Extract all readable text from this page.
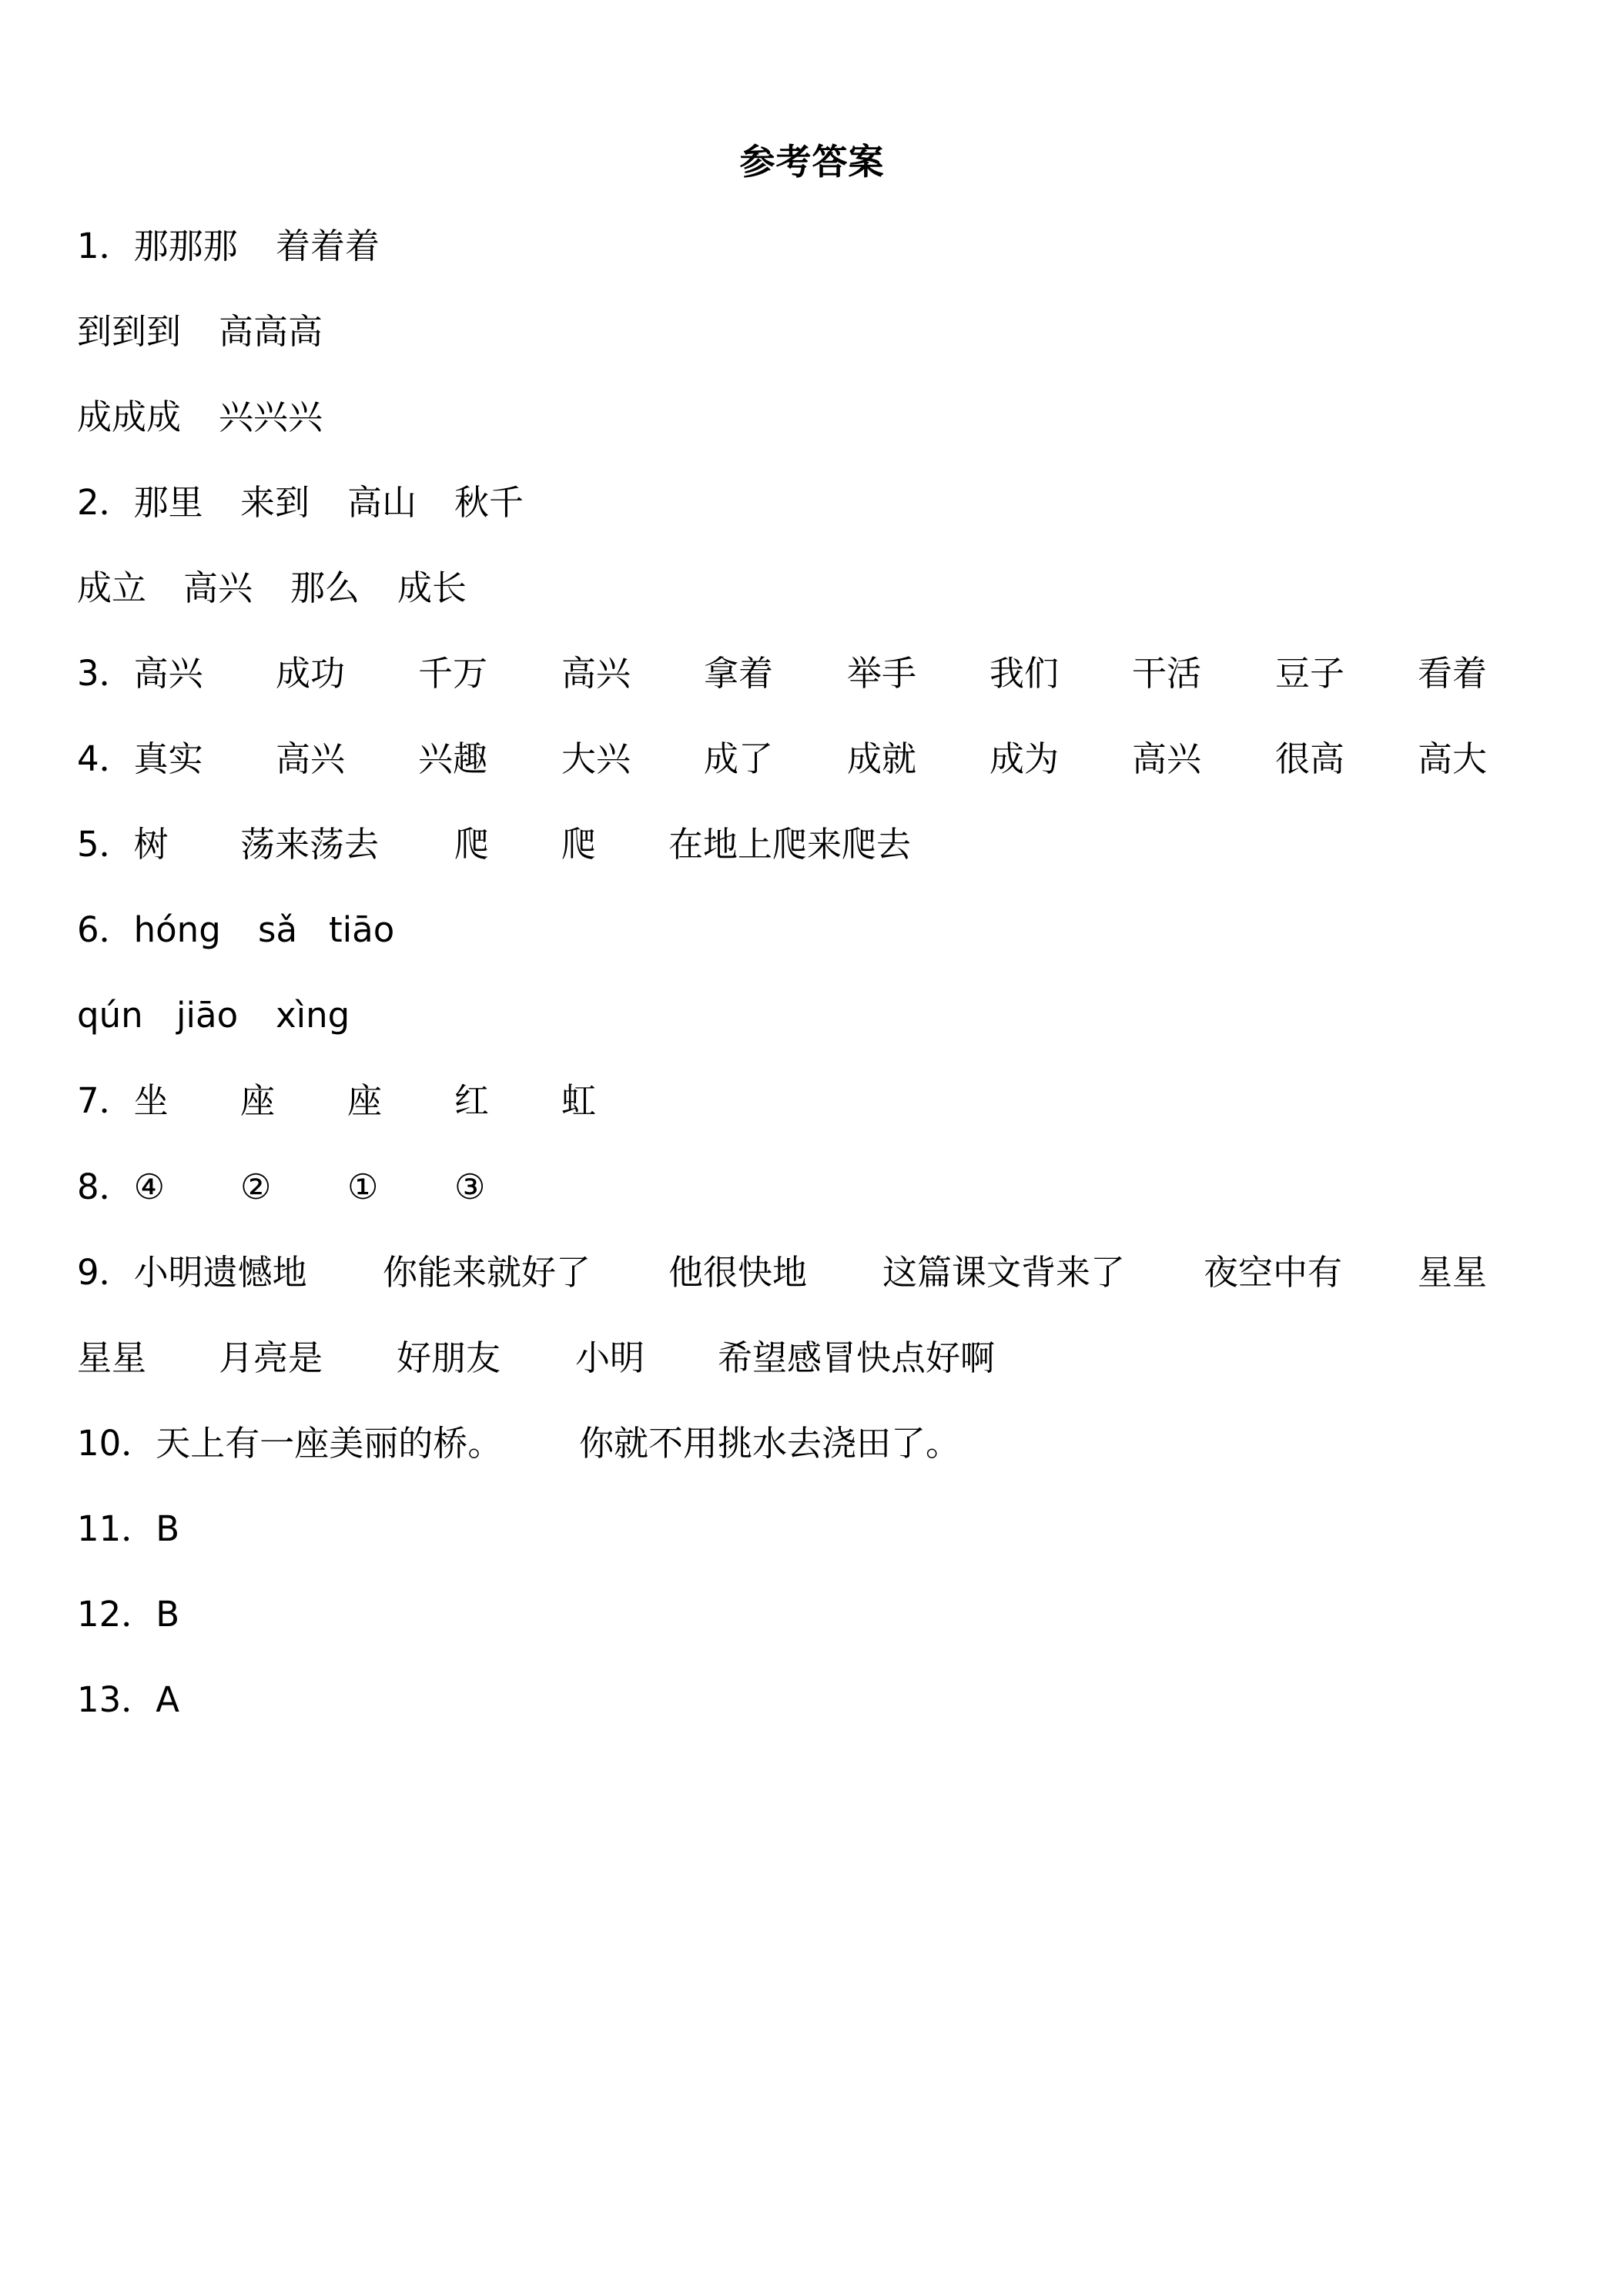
参考答案
1．那那那 着着着
到到到 高高高
成成成 兴兴兴
2．那里 来到 高山 秋千
成立 高兴 那么 成长
3．高兴 成功 千万 高兴 拿着 举手 我们 干活 豆子 看着
4．真实 高兴 兴趣 大兴 成了 成就 成为 高兴 很高 高大
5．树 荡来荡去 爬 爬 在地上爬来爬去
6．hóng sǎ tiāo
qún jiāo xìng
7．坐 座 座 红 虹
8．④ ② ① ③
9．小明遗憾地 你能来就好了 他很快地 这篇课文背来了 夜空中有 星星
星星 月亮是 好朋友 小明 希望感冒快点好啊
10．天上有一座美丽的桥。 你就不用挑水去浇田了。
11．B
12．B
13．A
